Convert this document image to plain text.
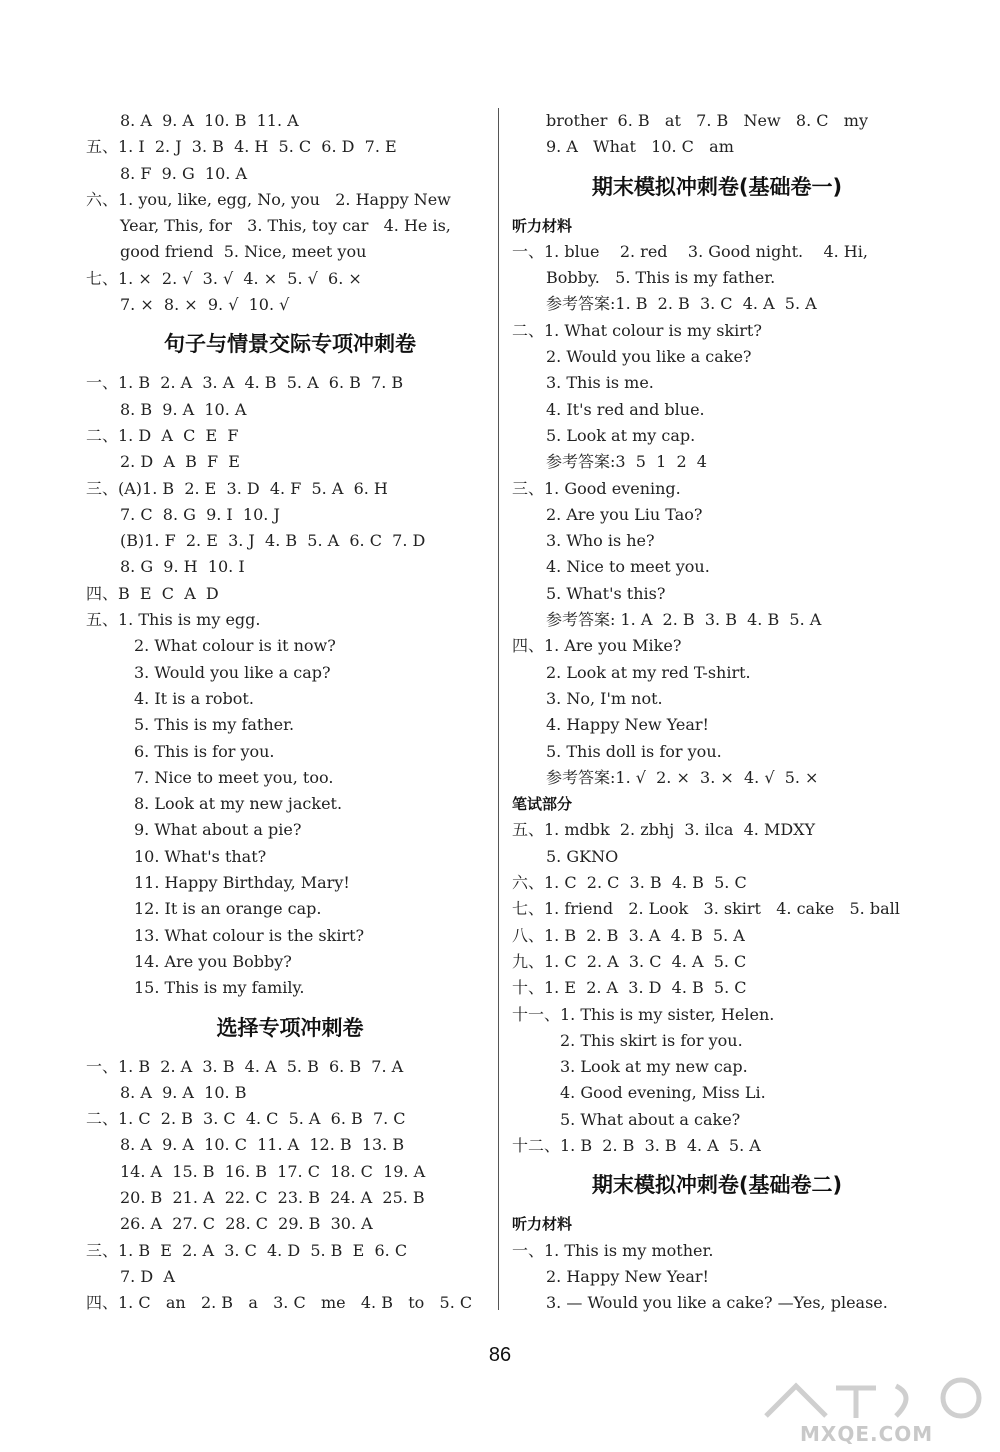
8. A  9. A  10. B  11. A
五、1. I  2. J  3. B  4. H  5. C  6. D  7. E
8. F  9. G  10. A
六、1. you, like, egg, No, you   2. Happy New
Year, This, for   3. This, toy car   4. He is,
good friend  5. Nice, meet you
七、1. ×  2. √  3. √  4. ×  5. √  6. ×
7. ×  8. ×  9. √  10. √
句子与情景交际专项冲刺卷
一、1. B  2. A  3. A  4. B  5. A  6. B  7. B
8. B  9. A  10. A
二、1. D  A  C  E  F
2. D  A  B  F  E
三、(A)1. B  2. E  3. D  4. F  5. A  6. H
7. C  8. G  9. I  10. J
(B)1. F  2. E  3. J  4. B  5. A  6. C  7. D
8. G  9. H  10. I
四、B  E  C  A  D
五、1. This is my egg.
2. What colour is it now?
3. Would you like a cap?
4. It is a robot.
5. This is my father.
6. This is for you.
7. Nice to meet you, too.
8. Look at my new jacket.
9. What about a pie?
10. What's that?
11. Happy Birthday, Mary!
12. It is an orange cap.
13. What colour is the skirt?
14. Are you Bobby?
15. This is my family.
选择专项冲刺卷
一、1. B  2. A  3. B  4. A  5. B  6. B  7. A
8. A  9. A  10. B
二、1. C  2. B  3. C  4. C  5. A  6. B  7. C
8. A  9. A  10. C  11. A  12. B  13. B
14. A  15. B  16. B  17. C  18. C  19. A
20. B  21. A  22. C  23. B  24. A  25. B
26. A  27. C  28. C  29. B  30. A
三、1. B  E  2. A  3. C  4. D  5. B  E  6. C
7. D  A
四、1. C   an   2. B   a   3. C   me   4. B   to   5. C
brother  6. B   at   7. B   New   8. C   my
9. A   What   10. C   am
期末模拟冲刺卷(基础卷一)
听力材料
一、1. blue    2. red    3. Good night.    4. Hi,
Bobby.   5. This is my father.
参考答案:1. B  2. B  3. C  4. A  5. A
二、1. What colour is my skirt?
2. Would you like a cake?
3. This is me.
4. It's red and blue.
5. Look at my cap.
参考答案:3  5  1  2  4
三、1. Good evening.
2. Are you Liu Tao?
3. Who is he?
4. Nice to meet you.
5. What's this?
参考答案: 1. A  2. B  3. B  4. B  5. A
四、1. Are you Mike?
2. Look at my red T-shirt.
3. No, I'm not.
4. Happy New Year!
5. This doll is for you.
参考答案:1. √  2. ×  3. ×  4. √  5. ×
笔试部分
五、1. mdbk  2. zbhj  3. ilca  4. MDXY
5. GKNO
六、1. C  2. C  3. B  4. B  5. C
七、1. friend   2. Look   3. skirt   4. cake   5. ball
八、1. B  2. B  3. A  4. B  5. A
九、1. C  2. A  3. C  4. A  5. C
十、1. E  2. A  3. D  4. B  5. C
十一、1. This is my sister, Helen.
2. This skirt is for you.
3. Look at my new cap.
4. Good evening, Miss Li.
5. What about a cake?
十二、1. B  2. B  3. B  4. A  5. A
期末模拟冲刺卷(基础卷二)
听力材料
一、1. This is my mother.
2. Happy New Year!
3. — Would you like a cake? —Yes, please.
86
MXQE.COM
